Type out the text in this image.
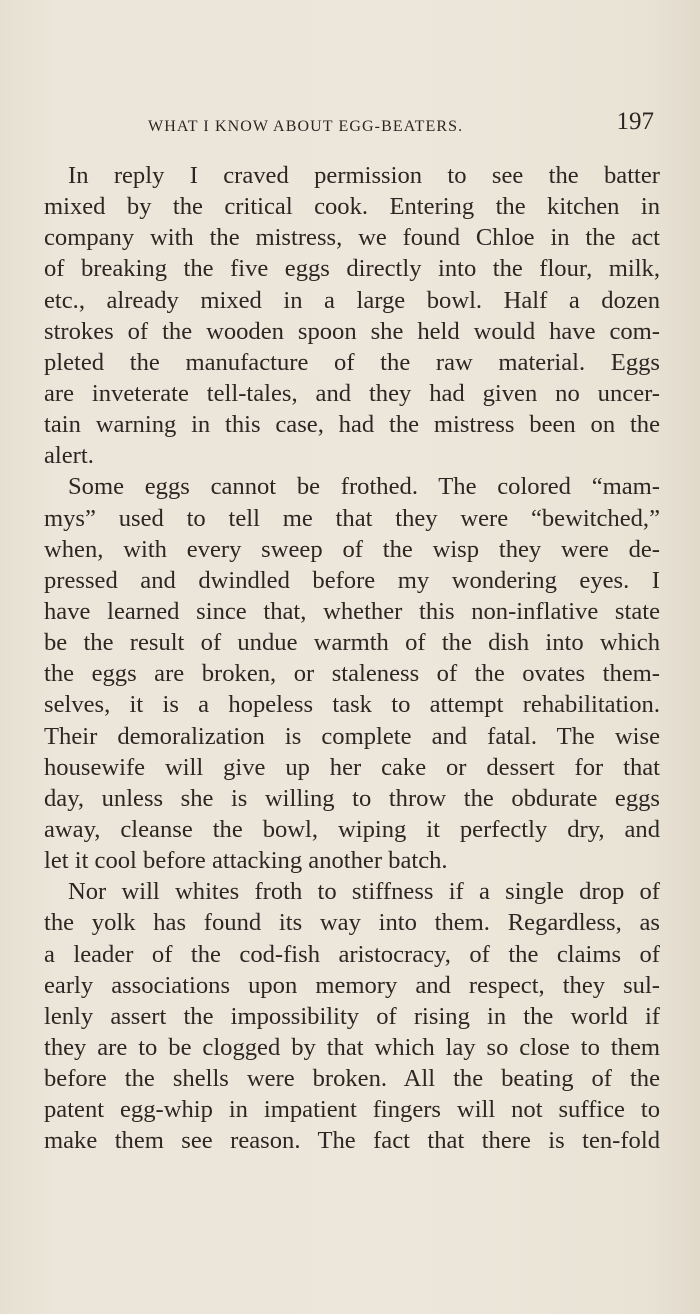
WHAT I KNOW ABOUT EGG-BEATERS.	197
In reply I craved permission to see the batter
mixed by the critical cook. Entering the kitchen in
company with the mistress, we found Chloe in the act
of breaking the five eggs directly into the flour, milk,
etc., already mixed in a large bowl. Half a dozen
strokes of the wooden spoon she held would have com-
pleted the manufacture of the raw material. Eggs
are inveterate tell-tales, and they had given no uncer-
tain warning in this case, had the mistress been on the
alert.
Some eggs cannot be frothed. The colored “mam-
mys” used to tell me that they were “bewitched,”
when, with every sweep of the wisp they were de-
pressed and dwindled before my wondering eyes. I
have learned since that, whether this non-inflative state
be the result of undue warmth of the dish into which
the eggs are broken, or staleness of the ovates them-
selves, it is a hopeless task to attempt rehabilitation.
Their demoralization is complete and fatal. The wise
housewife will give up her cake or dessert for that
day, unless she is willing to throw the obdurate eggs
away, cleanse the bowl, wiping it perfectly dry, and
let it cool before attacking another batch.
Nor will whites froth to stiffness if a single drop of
the yolk has found its way into them. Regardless, as
a leader of the cod-fish aristocracy, of the claims of
early associations upon memory and respect, they sul-
lenly assert the impossibility of rising in the world if
they are to be clogged by that which lay so close to them
before the shells were broken. All the beating of the
patent egg-whip in impatient fingers will not suffice to
make them see reason. The fact that there is ten-fold
